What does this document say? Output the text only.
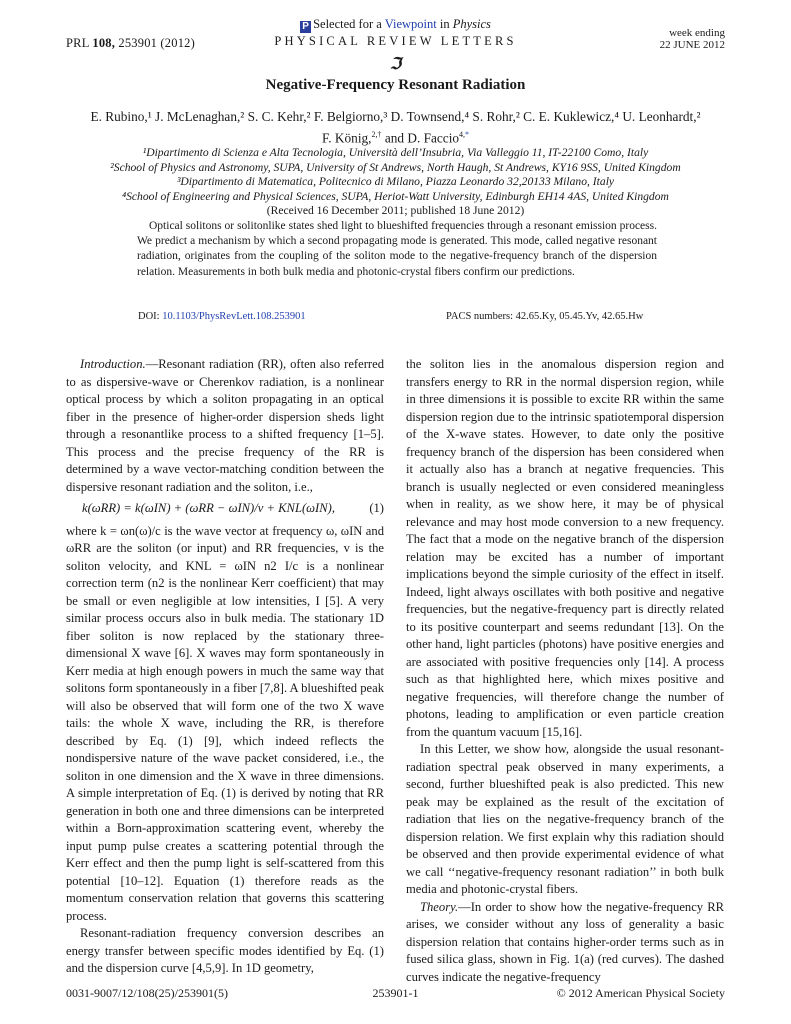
PRL 108, 253901 (2012)
P Selected for a Viewpoint in Physics
PHYSICAL REVIEW LETTERS
week ending
22 JUNE 2012
ℑ
Negative-Frequency Resonant Radiation
E. Rubino,¹ J. McLenaghan,² S. C. Kehr,² F. Belgiorno,³ D. Townsend,⁴ S. Rohr,² C. E. Kuklewicz,⁴ U. Leonhardt,²
F. König,$^{2,\dagger}$ and D. Faccio$^{4,*}$
¹Dipartimento di Scienza e Alta Tecnologia, Università dell’Insubria, Via Valleggio 11, IT-22100 Como, Italy
²School of Physics and Astronomy, SUPA, University of St Andrews, North Haugh, St Andrews, KY16 9SS, United Kingdom
³Dipartimento di Matematica, Politecnico di Milano, Piazza Leonardo 32,20133 Milano, Italy
⁴School of Engineering and Physical Sciences, SUPA, Heriot-Watt University, Edinburgh EH14 4AS, United Kingdom
(Received 16 December 2011; published 18 June 2012)
Optical solitons or solitonlike states shed light to blueshifted frequencies through a resonant emission process. We predict a mechanism by which a second propagating mode is generated. This mode, called negative resonant radiation, originates from the coupling of the soliton mode to the negative-frequency branch of the dispersion relation. Measurements in both bulk media and photonic-crystal fibers confirm our predictions.
DOI: 10.1103/PhysRevLett.108.253901	PACS numbers: 42.65.Ky, 05.45.Yv, 42.65.Hw

Introduction.—Resonant radiation (RR), often also referred to as dispersive-wave or Cherenkov radiation, is a nonlinear optical process by which a soliton propagating in an optical fiber in the presence of higher-order dispersion sheds light through a resonantlike process to a shifted frequency [1–5]. This process and the precise frequency of the RR is determined by a wave vector-matching condition between the dispersive resonant radiation and the soliton, i.e.,

k(ωRR) = k(ωIN) + (ωRR − ωIN)/v + KNL(ωIN),	(1)

where k = ωn(ω)/c is the wave vector at frequency ω, ωIN and ωRR are the soliton (or input) and RR frequencies, v is the soliton velocity, and KNL = ωIN n2 I/c is a nonlinear correction term (n2 is the nonlinear Kerr coefficient) that may be small or even negligible at low intensities, I [5]. A very similar process occurs also in bulk media. The stationary 1D fiber soliton is now replaced by the stationary three-dimensional X wave [6]. X waves may form spontaneously in Kerr media at high enough powers in much the same way that solitons form spontaneously in a fiber [7,8]. A blueshifted peak will also be observed that will form one of the two X wave tails: the whole X wave, including the RR, is therefore described by Eq. (1) [9], which indeed reflects the nondispersive nature of the wave packet considered, i.e., the soliton in one dimension and the X wave in three dimensions. A simple interpretation of Eq. (1) is derived by noting that RR generation in both one and three dimensions can be interpreted within a Born-approximation scattering event, whereby the input pump pulse creates a scattering potential through the Kerr effect and then the pump light is self-scattered from this potential [10–12]. Equation (1) therefore reads as the momentum conservation relation that governs this scattering process.

Resonant-radiation frequency conversion describes an energy transfer between specific modes identified by Eq. (1) and the dispersion curve [4,5,9]. In 1D geometry,

the soliton lies in the anomalous dispersion region and transfers energy to RR in the normal dispersion region, while in three dimensions it is possible to excite RR within the same dispersion region due to the intrinsic spatiotemporal dispersion of the X-wave states. However, to date only the positive frequency branch of the dispersion has been considered when it actually also has a branch at negative frequencies. This branch is usually neglected or even considered meaningless when in reality, as we show here, it may be of physical relevance and may host mode conversion to a new frequency. The fact that a mode on the negative branch of the dispersion relation may be excited has a number of important implications beyond the simple curiosity of the effect in itself. Indeed, light always oscillates with both positive and negative frequencies, but the negative-frequency part is directly related to its positive counterpart and seems redundant [13]. On the other hand, light particles (photons) have positive energies and are associated with positive frequencies only [14]. A process such as that highlighted here, which mixes positive and negative frequencies, will therefore change the number of photons, leading to amplification or even particle creation from the quantum vacuum [15,16].

In this Letter, we show how, alongside the usual resonant-radiation spectral peak observed in many experiments, a second, further blueshifted peak is also predicted. This new peak may be explained as the result of the excitation of radiation that lies on the negative-frequency branch of the dispersion relation. We first explain why this radiation should be observed and then provide experimental evidence of what we call ‘‘negative-frequency resonant radiation’’ in both bulk media and photonic-crystal fibers.

Theory.—In order to show how the negative-frequency RR arises, we consider without any loss of generality a basic dispersion relation that contains higher-order terms such as in fused silica glass, shown in Fig. 1(a) (red curves). The dashed curves indicate the negative-frequency

0031-9007/12/108(25)/253901(5)	253901-1	© 2012 American Physical Society
